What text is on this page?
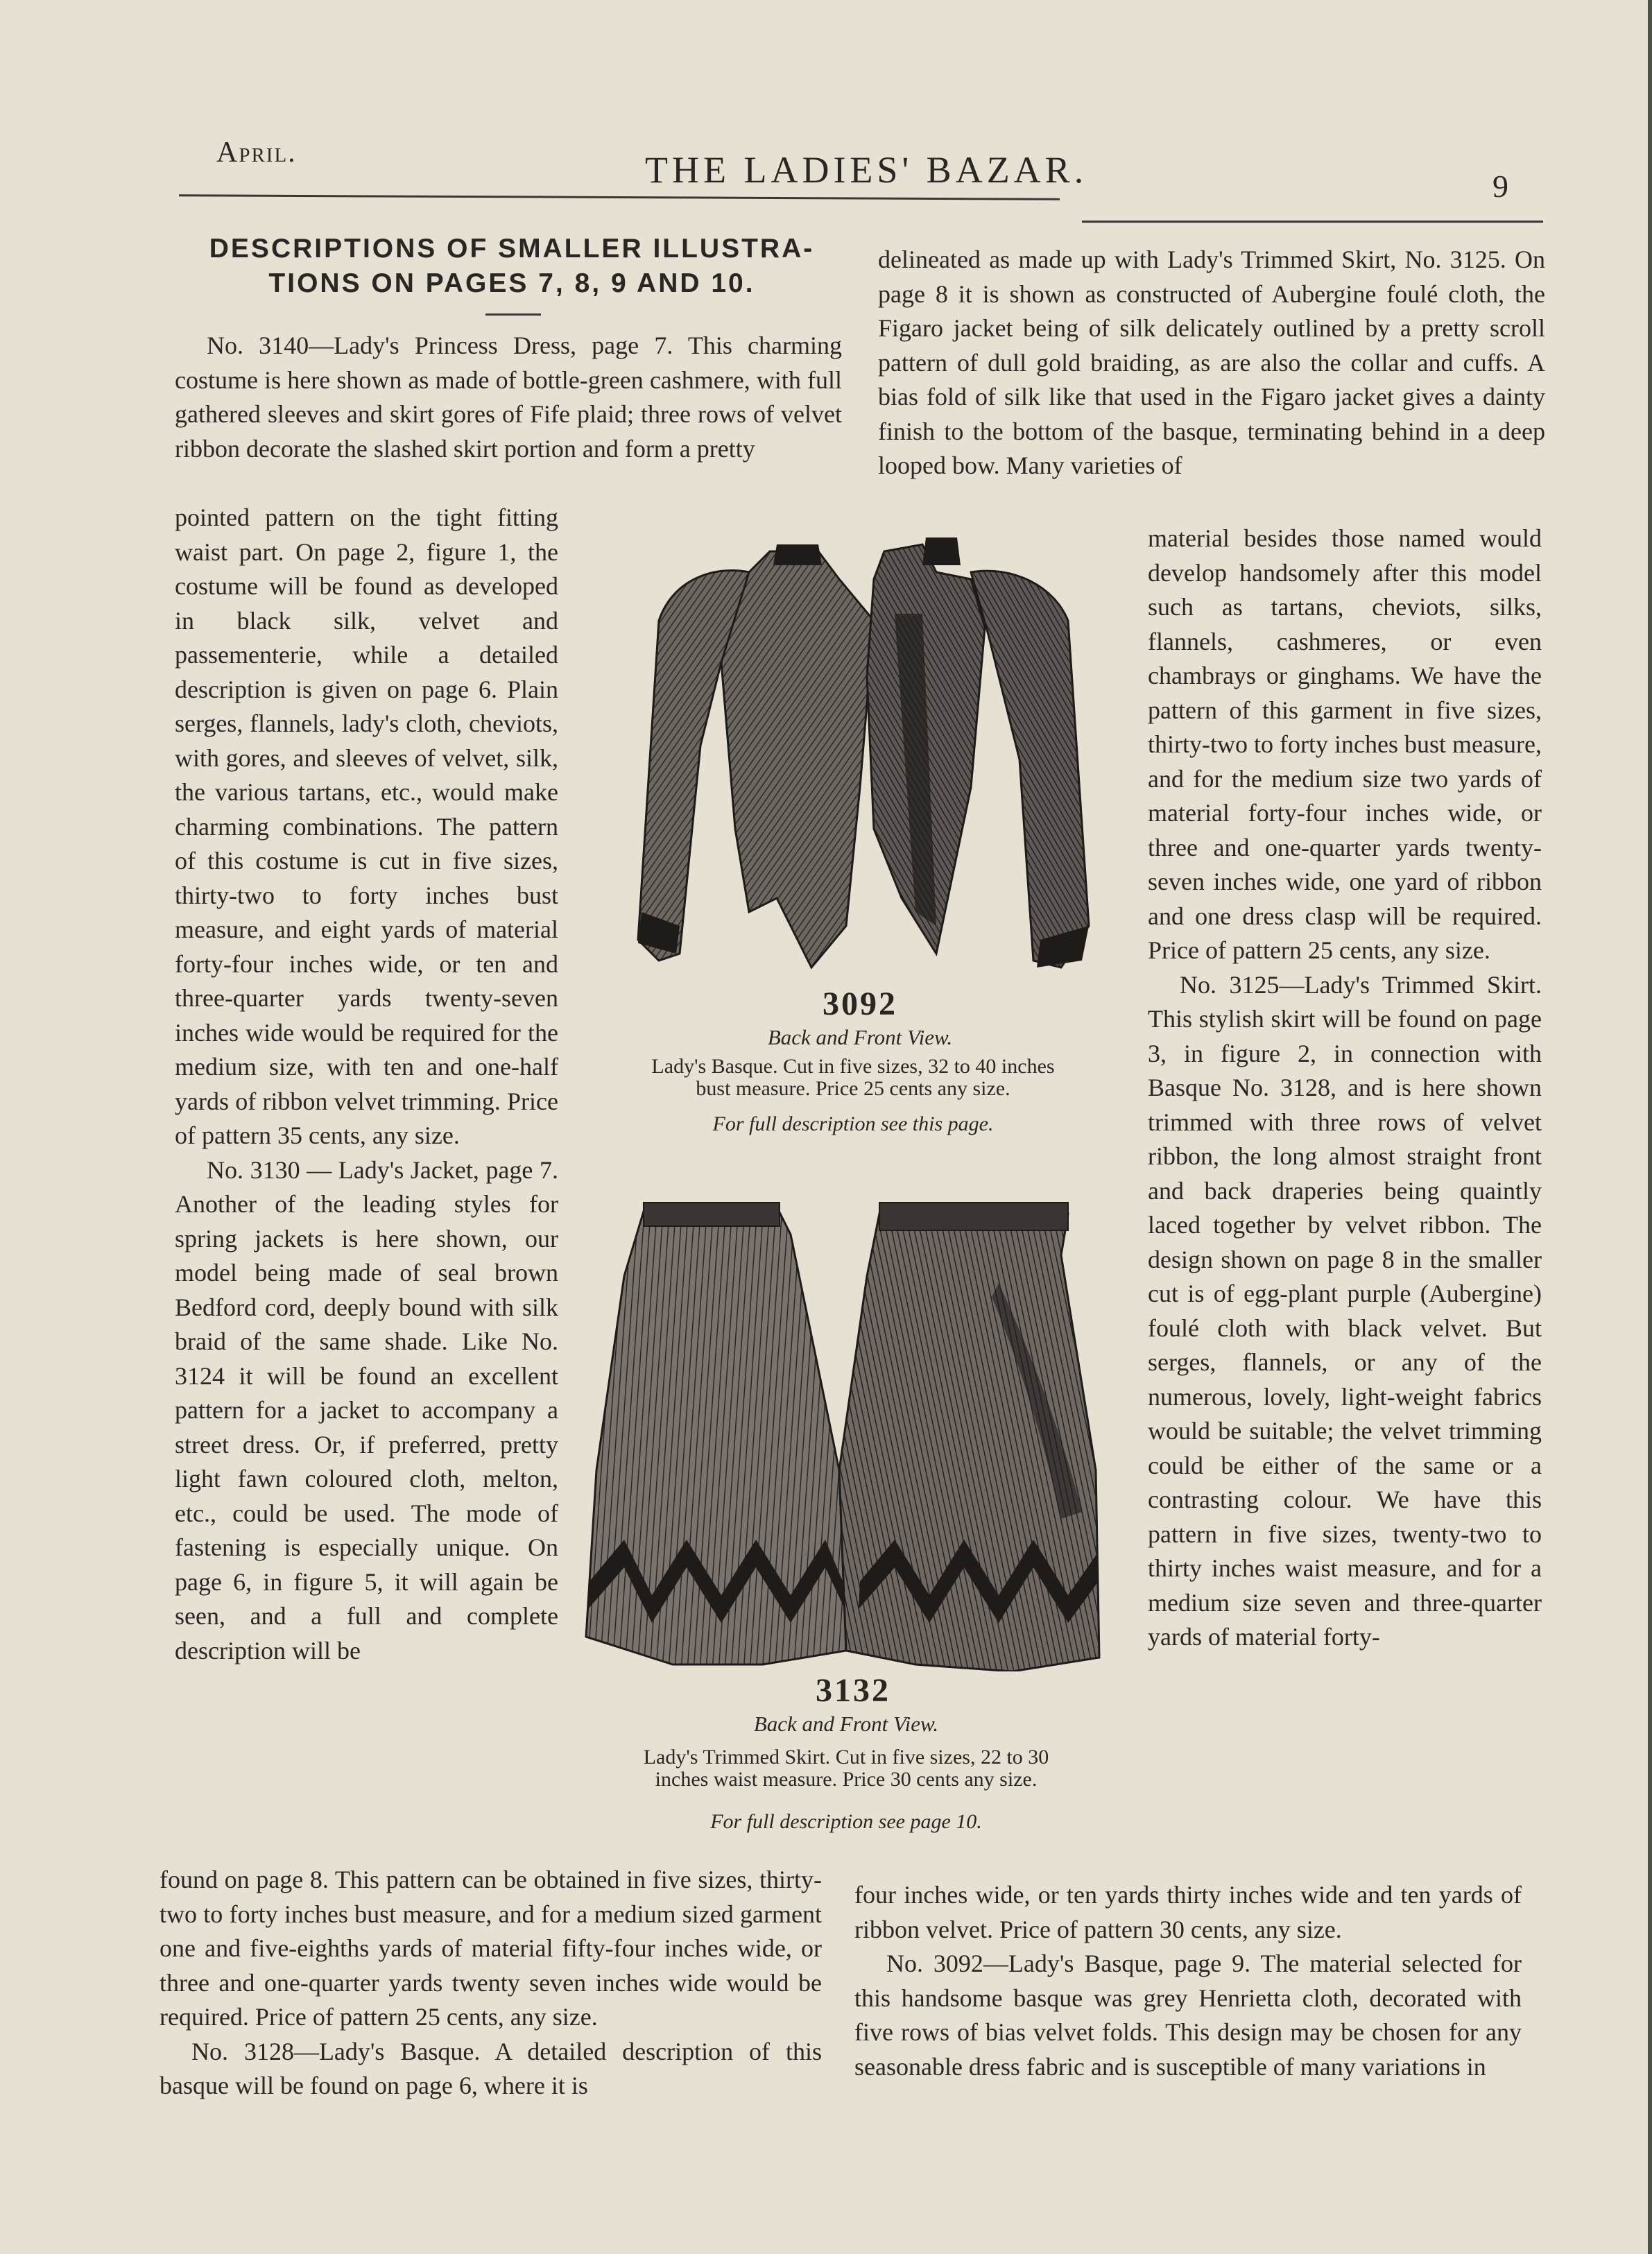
April.	THE LADIES' BAZAR.	9
DESCRIPTIONS OF SMALLER ILLUSTRA-
TIONS ON PAGES 7, 8, 9 AND 10.

No. 3140—Lady's Princess Dress, page 7. This charming costume is here shown as made of bottle-green cashmere, with full gathered sleeves and skirt gores of Fife plaid; three rows of velvet ribbon decorate the slashed skirt portion and form a pretty

pointed pattern on the tight fitting waist part. On page 2, figure 1, the costume will be found as developed in black silk, velvet and passementerie, while a detailed description is given on page 6. Plain serges, flannels, lady's cloth, cheviots, with gores, and sleeves of velvet, silk, the various tartans, etc., would make charming combinations. The pattern of this costume is cut in five sizes, thirty-two to forty inches bust measure, and eight yards of material forty-four inches wide, or ten and three-quarter yards twenty-seven inches wide would be required for the medium size, with ten and one-half yards of ribbon velvet trimming. Price of pattern 35 cents, any size.

No. 3130 — Lady's Jacket, page 7. Another of the leading styles for spring jackets is here shown, our model being made of seal brown Bedford cord, deeply bound with silk braid of the same shade. Like No. 3124 it will be found an excellent pattern for a jacket to accompany a street dress. Or, if preferred, pretty light fawn coloured cloth, melton, etc., could be used. The mode of fastening is especially unique. On page 6, in figure 5, it will again be seen, and a full and complete description will be

found on page 8. This pattern can be obtained in five sizes, thirty-two to forty inches bust measure, and for a medium sized garment one and five-eighths yards of material fifty-four inches wide, or three and one-quarter yards twenty seven inches wide would be required. Price of pattern 25 cents, any size.

No. 3128—Lady's Basque. A detailed description of this basque will be found on page 6, where it is

delineated as made up with Lady's Trimmed Skirt, No. 3125. On page 8 it is shown as constructed of Aubergine foulé cloth, the Figaro jacket being of silk delicately outlined by a pretty scroll pattern of dull gold braiding, as are also the collar and cuffs. A bias fold of silk like that used in the Figaro jacket gives a dainty finish to the bottom of the basque, terminating behind in a deep looped bow. Many varieties of

material besides those named would develop handsomely after this model such as tartans, cheviots, silks, flannels, cashmeres, or even chambrays or ginghams. We have the pattern of this garment in five sizes, thirty-two to forty inches bust measure, and for the medium size two yards of material forty-four inches wide, or three and one-quarter yards twenty-seven inches wide, one yard of ribbon and one dress clasp will be required. Price of pattern 25 cents, any size.

No. 3125—Lady's Trimmed Skirt. This stylish skirt will be found on page 3, in figure 2, in connection with Basque No. 3128, and is here shown trimmed with three rows of velvet ribbon, the long almost straight front and back draperies being quaintly laced together by velvet ribbon. The design shown on page 8 in the smaller cut is of egg-plant purple (Aubergine) foulé cloth with black velvet. But serges, flannels, or any of the numerous, lovely, light-weight fabrics would be suitable; the velvet trimming could be either of the same or a contrasting colour. We have this pattern in five sizes, twenty-two to thirty inches waist measure, and for a medium size seven and three-quarter yards of material forty-

four inches wide, or ten yards thirty inches wide and ten yards of ribbon velvet. Price of pattern 30 cents, any size.

No. 3092—Lady's Basque, page 9. The material selected for this handsome basque was grey Henrietta cloth, decorated with five rows of bias velvet folds. This design may be chosen for any seasonable dress fabric and is susceptible of many variations in

3092
Back and Front View.
Lady's Basque. Cut in five sizes, 32 to 40 inches
bust measure. Price 25 cents any size.
For full description see this page.
3132
Back and Front View.
Lady's Trimmed Skirt. Cut in five sizes, 22 to 30
inches waist measure. Price 30 cents any size.
For full description see page 10.
